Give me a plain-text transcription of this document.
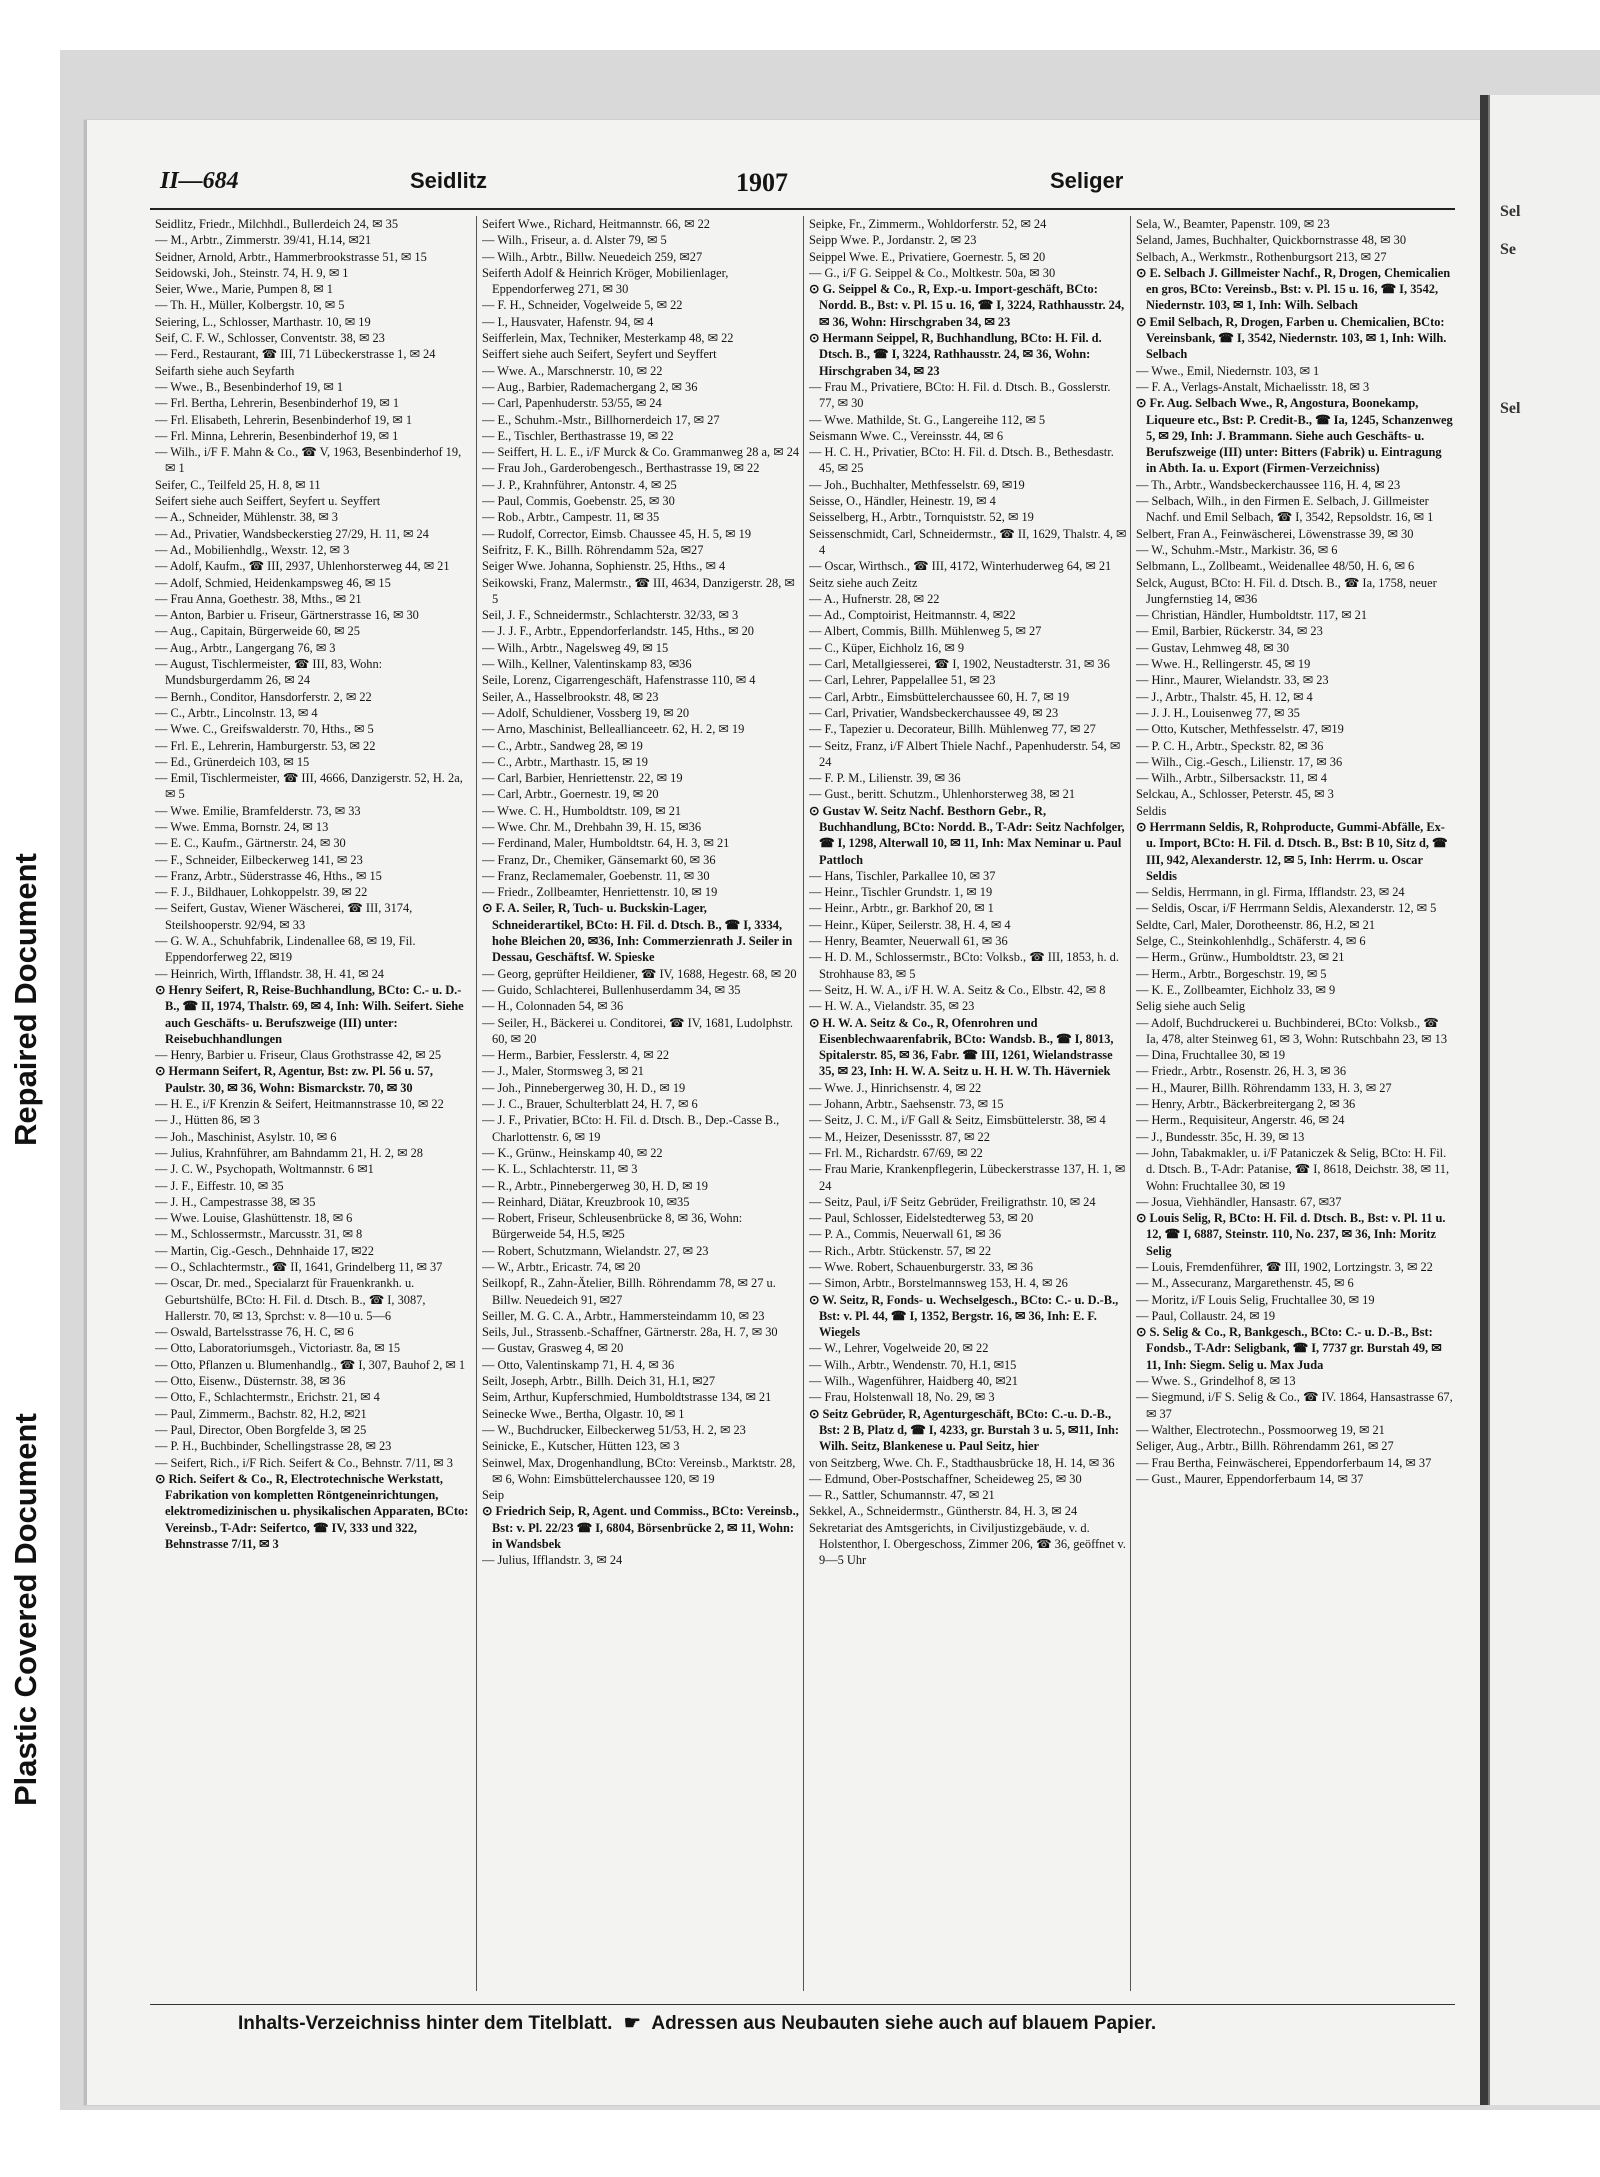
Sel
Se
Sel
Repaired Document
Plastic Covered Document
II—684	Seidlitz	1907	Seliger

Seidlitz, Friedr., Milchhdl., Bullerdeich 24, ✉ 35

— M., Arbtr., Zimmerstr. 39/41, H.14, ✉21

Seidner, Arnold, Arbtr., Hammerbrookstrasse 51, ✉ 15

Seidowski, Joh., Steinstr. 74, H. 9, ✉ 1

Seier, Wwe., Marie, Pumpen 8, ✉ 1

— Th. H., Müller, Kolbergstr. 10, ✉ 5

Seiering, L., Schlosser, Marthastr. 10, ✉ 19

Seif, C. F. W., Schlosser, Conventstr. 38, ✉ 23

— Ferd., Restaurant, ☎ III, 71 Lübeckerstrasse 1, ✉ 24

Seifarth siehe auch Seyfarth

— Wwe., B., Besenbinderhof 19, ✉ 1

— Frl. Bertha, Lehrerin, Besenbinderhof 19, ✉ 1

— Frl. Elisabeth, Lehrerin, Besenbinderhof 19, ✉ 1

— Frl. Minna, Lehrerin, Besenbinderhof 19, ✉ 1

— Wilh., i/F F. Mahn & Co., ☎ V, 1963, Besenbinderhof 19, ✉ 1

Seifer, C., Teilfeld 25, H. 8, ✉ 11

Seifert siehe auch Seiffert, Seyfert u. Seyffert

— A., Schneider, Mühlenstr. 38, ✉ 3

— Ad., Privatier, Wandsbeckerstieg 27/29, H. 11, ✉ 24

— Ad., Mobilienhdlg., Wexstr. 12, ✉ 3

— Adolf, Kaufm., ☎ III, 2937, Uhlenhorsterweg 44, ✉ 21

— Adolf, Schmied, Heidenkampsweg 46, ✉ 15

— Frau Anna, Goethestr. 38, Mths., ✉ 21

— Anton, Barbier u. Friseur, Gärtnerstrasse 16, ✉ 30

— Aug., Capitain, Bürgerweide 60, ✉ 25

— Aug., Arbtr., Langergang 76, ✉ 3

— August, Tischlermeister, ☎ III, 83, Wohn: Mundsburgerdamm 26, ✉ 24

— Bernh., Conditor, Hansdorferstr. 2, ✉ 22

— C., Arbtr., Lincolnstr. 13, ✉ 4

— Wwe. C., Greifswalderstr. 70, Hths., ✉ 5

— Frl. E., Lehrerin, Hamburgerstr. 53, ✉ 22

— Ed., Grünerdeich 103, ✉ 15

— Emil, Tischlermeister, ☎ III, 4666, Danzigerstr. 52, H. 2a, ✉ 5

— Wwe. Emilie, Bramfelderstr. 73, ✉ 33

— Wwe. Emma, Bornstr. 24, ✉ 13

— E. C., Kaufm., Gärtnerstr. 24, ✉ 30

— F., Schneider, Eilbeckerweg 141, ✉ 23

— Franz, Arbtr., Süderstrasse 46, Hths., ✉ 15

— F. J., Bildhauer, Lohkoppelstr. 39, ✉ 22

— Seifert, Gustav, Wiener Wäscherei, ☎ III, 3174, Steilshooperstr. 92/94, ✉ 33

— G. W. A., Schuhfabrik, Lindenallee 68, ✉ 19, Fil. Eppendorferweg 22, ✉19

— Heinrich, Wirth, Ifflandstr. 38, H. 41, ✉ 24

⊙ Henry Seifert, R, Reise-Buchhandlung, BCto: C.- u. D.-B., ☎ II, 1974, Thalstr. 69, ✉ 4, Inh: Wilh. Seifert. Siehe auch Geschäfts- u. Berufszweige (III) unter: Reisebuchhandlungen

— Henry, Barbier u. Friseur, Claus Grothstrasse 42, ✉ 25

⊙ Hermann Seifert, R, Agentur, Bst: zw. Pl. 56 u. 57, Paulstr. 30, ✉ 36, Wohn: Bismarckstr. 70, ✉ 30

— H. E., i/F Krenzin & Seifert, Heitmannstrasse 10, ✉ 22

— J., Hütten 86, ✉ 3

— Joh., Maschinist, Asylstr. 10, ✉ 6

— Julius, Krahnführer, am Bahndamm 21, H. 2, ✉ 28

— J. C. W., Psychopath, Woltmannstr. 6 ✉1

— J. F., Eiffestr. 10, ✉ 35

— J. H., Campestrasse 38, ✉ 35

— Wwe. Louise, Glashüttenstr. 18, ✉ 6

— M., Schlossermstr., Marcusstr. 31, ✉ 8

— Martin, Cig.-Gesch., Dehnhaide 17, ✉22

— O., Schlachtermstr., ☎ II, 1641, Grindelberg 11, ✉ 37

— Oscar, Dr. med., Specialarzt für Frauenkrankh. u. Geburtshülfe, BCto: H. Fil. d. Dtsch. B., ☎ I, 3087, Hallerstr. 70, ✉ 13, Sprchst: v. 8—10 u. 5—6

— Oswald, Bartelsstrasse 76, H. C, ✉ 6

— Otto, Laboratoriumsgeh., Victoriastr. 8a, ✉ 15

— Otto, Pflanzen u. Blumenhandlg., ☎ I, 307, Bauhof 2, ✉ 1

— Otto, Eisenw., Düsternstr. 38, ✉ 36

— Otto, F., Schlachtermstr., Erichstr. 21, ✉ 4

— Paul, Zimmerm., Bachstr. 82, H.2, ✉21

— Paul, Director, Oben Borgfelde 3, ✉ 25

— P. H., Buchbinder, Schellingstrasse 28, ✉ 23

— Seifert, Rich., i/F Rich. Seifert & Co., Behnstr. 7/11, ✉ 3

⊙ Rich. Seifert & Co., R, Electrotechnische Werkstatt, Fabrikation von kompletten Röntgeneinrichtungen, elektromedizinischen u. physikalischen Apparaten, BCto: Vereinsb., T-Adr: Seifertco, ☎ IV, 333 und 322, Behnstrasse 7/11, ✉ 3

Seifert Wwe., Richard, Heitmannstr. 66, ✉ 22

— Wilh., Friseur, a. d. Alster 79, ✉ 5

— Wilh., Arbtr., Billw. Neuedeich 259, ✉27

Seiferth Adolf & Heinrich Kröger, Mobilienlager, Eppendorferweg 271, ✉ 30

— F. H., Schneider, Vogelweide 5, ✉ 22

— I., Hausvater, Hafenstr. 94, ✉ 4

Seifferlein, Max, Techniker, Mesterkamp 48, ✉ 22

Seiffert siehe auch Seifert, Seyfert und Seyffert

— Wwe. A., Marschnerstr. 10, ✉ 22

— Aug., Barbier, Rademachergang 2, ✉ 36

— Carl, Papenhuderstr. 53/55, ✉ 24

— E., Schuhm.-Mstr., Billhornerdeich 17, ✉ 27

— E., Tischler, Berthastrasse 19, ✉ 22

— Seiffert, H. L. E., i/F Murck & Co. Grammanweg 28 a, ✉ 24

— Frau Joh., Garderobengesch., Berthastrasse 19, ✉ 22

— J. P., Krahnführer, Antonstr. 4, ✉ 25

— Paul, Commis, Goebenstr. 25, ✉ 30

— Rob., Arbtr., Campestr. 11, ✉ 35

— Rudolf, Corrector, Eimsb. Chaussee 45, H. 5, ✉ 19

Seifritz, F. K., Billh. Röhrendamm 52a, ✉27

Seiger Wwe. Johanna, Sophienstr. 25, Hths., ✉ 4

Seikowski, Franz, Malermstr., ☎ III, 4634, Danzigerstr. 28, ✉ 5

Seil, J. F., Schneidermstr., Schlachterstr. 32/33, ✉ 3

— J. J. F., Arbtr., Eppendorferlandstr. 145, Hths., ✉ 20

— Wilh., Arbtr., Nagelsweg 49, ✉ 15

— Wilh., Kellner, Valentinskamp 83, ✉36

Seile, Lorenz, Cigarrengeschäft, Hafenstrasse 110, ✉ 4

Seiler, A., Hasselbrookstr. 48, ✉ 23

— Adolf, Schuldiener, Vossberg 19, ✉ 20

— Arno, Maschinist, Belleallianceetr. 62, H. 2, ✉ 19

— C., Arbtr., Sandweg 28, ✉ 19

— C., Arbtr., Marthastr. 15, ✉ 19

— Carl, Barbier, Henriettenstr. 22, ✉ 19

— Carl, Arbtr., Goernestr. 19, ✉ 20

— Wwe. C. H., Humboldtstr. 109, ✉ 21

— Wwe. Chr. M., Drehbahn 39, H. 15, ✉36

— Ferdinand, Maler, Humboldtstr. 64, H. 3, ✉ 21

— Franz, Dr., Chemiker, Gänsemarkt 60, ✉ 36

— Franz, Reclamemaler, Goebenstr. 11, ✉ 30

— Friedr., Zollbeamter, Henriettenstr. 10, ✉ 19

⊙ F. A. Seiler, R, Tuch- u. Buckskin-Lager, Schneiderartikel, BCto: H. Fil. d. Dtsch. B., ☎ I, 3334, hohe Bleichen 20, ✉36, Inh: Commerzienrath J. Seiler in Dessau, Geschäftsf. W. Spieske

— Georg, geprüfter Heildiener, ☎ IV, 1688, Hegestr. 68, ✉ 20

— Guido, Schlachterei, Bullenhuserdamm 34, ✉ 35

— H., Colonnaden 54, ✉ 36

— Seiler, H., Bäckerei u. Conditorei, ☎ IV, 1681, Ludolphstr. 60, ✉ 20

— Herm., Barbier, Fesslerstr. 4, ✉ 22

— J., Maler, Stormsweg 3, ✉ 21

— Joh., Pinnebergerweg 30, H. D., ✉ 19

— J. C., Brauer, Schulterblatt 24, H. 7, ✉ 6

— J. F., Privatier, BCto: H. Fil. d. Dtsch. B., Dep.-Casse B., Charlottenstr. 6, ✉ 19

— K., Grünw., Heinskamp 40, ✉ 22

— K. L., Schlachterstr. 11, ✉ 3

— R., Arbtr., Pinnebergerweg 30, H. D, ✉ 19

— Reinhard, Diätar, Kreuzbrook 10, ✉35

— Robert, Friseur, Schleusenbrücke 8, ✉ 36, Wohn: Bürgerweide 54, H.5, ✉25

— Robert, Schutzmann, Wielandstr. 27, ✉ 23

— W., Arbtr., Ericastr. 74, ✉ 20

Seilkopf, R., Zahn-Ätelier, Billh. Röhrendamm 78, ✉ 27 u. Billw. Neuedeich 91, ✉27

Seiller, M. G. C. A., Arbtr., Hammersteindamm 10, ✉ 23

Seils, Jul., Strassenb.-Schaffner, Gärtnerstr. 28a, H. 7, ✉ 30

— Gustav, Grasweg 4, ✉ 20

— Otto, Valentinskamp 71, H. 4, ✉ 36

Seilt, Joseph, Arbtr., Billh. Deich 31, H.1, ✉27

Seim, Arthur, Kupferschmied, Humboldtstrasse 134, ✉ 21

Seinecke Wwe., Bertha, Olgastr. 10, ✉ 1

— W., Buchdrucker, Eilbeckerweg 51/53, H. 2, ✉ 23

Seinicke, E., Kutscher, Hütten 123, ✉ 3

Seinwel, Max, Drogenhandlung, BCto: Vereinsb., Marktstr. 28, ✉ 6, Wohn: Eimsbüttelerchaussee 120, ✉ 19

Seip

⊙ Friedrich Seip, R, Agent. und Commiss., BCto: Vereinsb., Bst: v. Pl. 22/23 ☎ I, 6804, Börsenbrücke 2, ✉ 11, Wohn: in Wandsbek

— Julius, Ifflandstr. 3, ✉ 24

Seipke, Fr., Zimmerm., Wohldorferstr. 52, ✉ 24

Seipp Wwe. P., Jordanstr. 2, ✉ 23

Seippel Wwe. E., Privatiere, Goernestr. 5, ✉ 20

— G., i/F G. Seippel & Co., Moltkestr. 50a, ✉ 30

⊙ G. Seippel & Co., R, Exp.-u. Import-geschäft, BCto: Nordd. B., Bst: v. Pl. 15 u. 16, ☎ I, 3224, Rathhausstr. 24, ✉ 36, Wohn: Hirschgraben 34, ✉ 23

⊙ Hermann Seippel, R, Buchhandlung, BCto: H. Fil. d. Dtsch. B., ☎ I, 3224, Rathhausstr. 24, ✉ 36, Wohn: Hirschgraben 34, ✉ 23

— Frau M., Privatiere, BCto: H. Fil. d. Dtsch. B., Gosslerstr. 77, ✉ 30

— Wwe. Mathilde, St. G., Langereihe 112, ✉ 5

Seismann Wwe. C., Vereinsstr. 44, ✉ 6

— H. C. H., Privatier, BCto: H. Fil. d. Dtsch. B., Bethesdastr. 45, ✉ 25

— Joh., Buchhalter, Methfesselstr. 69, ✉19

Seisse, O., Händler, Heinestr. 19, ✉ 4

Seisselberg, H., Arbtr., Tornquiststr. 52, ✉ 19

Seissenschmidt, Carl, Schneidermstr., ☎ II, 1629, Thalstr. 4, ✉ 4

— Oscar, Wirthsch., ☎ III, 4172, Winterhuderweg 64, ✉ 21

Seitz siehe auch Zeitz

— A., Hufnerstr. 28, ✉ 22

— Ad., Comptoirist, Heitmannstr. 4, ✉22

— Albert, Commis, Billh. Mühlenweg 5, ✉ 27

— C., Küper, Eichholz 16, ✉ 9

— Carl, Metallgiesserei, ☎ I, 1902, Neustadterstr. 31, ✉ 36

— Carl, Lehrer, Pappelallee 51, ✉ 23

— Carl, Arbtr., Eimsbüttelerchaussee 60, H. 7, ✉ 19

— Carl, Privatier, Wandsbeckerchaussee 49, ✉ 23

— F., Tapezier u. Decorateur, Billh. Mühlenweg 77, ✉ 27

— Seitz, Franz, i/F Albert Thiele Nachf., Papenhuderstr. 54, ✉ 24

— F. P. M., Lilienstr. 39, ✉ 36

— Gust., beritt. Schutzm., Uhlenhorsterweg 38, ✉ 21

⊙ Gustav W. Seitz Nachf. Besthorn Gebr., R, Buchhandlung, BCto: Nordd. B., T-Adr: Seitz Nachfolger, ☎ I, 1298, Alterwall 10, ✉ 11, Inh: Max Neminar u. Paul Pattloch

— Hans, Tischler, Parkallee 10, ✉ 37

— Heinr., Tischler Grundstr. 1, ✉ 19

— Heinr., Arbtr., gr. Barkhof 20, ✉ 1

— Heinr., Küper, Seilerstr. 38, H. 4, ✉ 4

— Henry, Beamter, Neuerwall 61, ✉ 36

— H. D. M., Schlossermstr., BCto: Volksb., ☎ III, 1853, h. d. Strohhause 83, ✉ 5

— Seitz, H. W. A., i/F H. W. A. Seitz & Co., Elbstr. 42, ✉ 8

— H. W. A., Vielandstr. 35, ✉ 23

⊙ H. W. A. Seitz & Co., R, Ofenrohren und Eisenblechwaarenfabrik, BCto: Wandsb. B., ☎ I, 8013, Spitalerstr. 85, ✉ 36, Fabr. ☎ III, 1261, Wielandstrasse 35, ✉ 23, Inh: H. W. A. Seitz u. H. H. W. Th. Häverniek

— Wwe. J., Hinrichsenstr. 4, ✉ 22

— Johann, Arbtr., Saehsenstr. 73, ✉ 15

— Seitz, J. C. M., i/F Gall & Seitz, Eimsbüttelerstr. 38, ✉ 4

— M., Heizer, Desenissstr. 87, ✉ 22

— Frl. M., Richardstr. 67/69, ✉ 22

— Frau Marie, Krankenpflegerin, Lübeckerstrasse 137, H. 1, ✉ 24

— Seitz, Paul, i/F Seitz Gebrüder, Freiligrathstr. 10, ✉ 24

— Paul, Schlosser, Eidelstedterweg 53, ✉ 20

— P. A., Commis, Neuerwall 61, ✉ 36

— Rich., Arbtr. Stückenstr. 57, ✉ 22

— Wwe. Robert, Schauenburgerstr. 33, ✉ 36

— Simon, Arbtr., Borstelmannsweg 153, H. 4, ✉ 26

⊙ W. Seitz, R, Fonds- u. Wechselgesch., BCto: C.- u. D.-B., Bst: v. Pl. 44, ☎ I, 1352, Bergstr. 16, ✉ 36, Inh: E. F. Wiegels

— W., Lehrer, Vogelweide 20, ✉ 22

— Wilh., Arbtr., Wendenstr. 70, H.1, ✉15

— Wilh., Wagenführer, Haidberg 40, ✉21

— Frau, Holstenwall 18, No. 29, ✉ 3

⊙ Seitz Gebrüder, R, Agenturgeschäft, BCto: C.-u. D.-B., Bst: 2 B, Platz d, ☎ I, 4233, gr. Burstah 3 u. 5, ✉11, Inh: Wilh. Seitz, Blankenese u. Paul Seitz, hier

von Seitzberg, Wwe. Ch. F., Stadthausbrücke 18, H. 14, ✉ 36

— Edmund, Ober-Postschaffner, Scheideweg 25, ✉ 30

— R., Sattler, Schumannstr. 47, ✉ 21

Sekkel, A., Schneidermstr., Güntherstr. 84, H. 3, ✉ 24

Sekretariat des Amtsgerichts, in Civiljustizgebäude, v. d. Holstenthor, I. Obergeschoss, Zimmer 206, ☎ 36, geöffnet v. 9—5 Uhr

Sela, W., Beamter, Papenstr. 109, ✉ 23

Seland, James, Buchhalter, Quickbornstrasse 48, ✉ 30

Selbach, A., Werkmstr., Rothenburgsort 213, ✉ 27

⊙ E. Selbach J. Gillmeister Nachf., R, Drogen, Chemicalien en gros, BCto: Vereinsb., Bst: v. Pl. 15 u. 16, ☎ I, 3542, Niedernstr. 103, ✉ 1, Inh: Wilh. Selbach

⊙ Emil Selbach, R, Drogen, Farben u. Chemicalien, BCto: Vereinsbank, ☎ I, 3542, Niedernstr. 103, ✉ 1, Inh: Wilh. Selbach

— Wwe., Emil, Niedernstr. 103, ✉ 1

— F. A., Verlags-Anstalt, Michaelisstr. 18, ✉ 3

⊙ Fr. Aug. Selbach Wwe., R, Angostura, Boonekamp, Liqueure etc., Bst: P. Credit-B., ☎ Ia, 1245, Schanzenweg 5, ✉ 29, Inh: J. Brammann. Siehe auch Geschäfts- u. Berufszweige (III) unter: Bitters (Fabrik) u. Eintragung in Abth. Ia. u. Export (Firmen-Verzeichniss)

— Th., Arbtr., Wandsbeckerchaussee 116, H. 4, ✉ 23

— Selbach, Wilh., in den Firmen E. Selbach, J. Gillmeister Nachf. und Emil Selbach, ☎ I, 3542, Repsoldstr. 16, ✉ 1

Selbert, Fran A., Feinwäscherei, Löwenstrasse 39, ✉ 30

— W., Schuhm.-Mstr., Markistr. 36, ✉ 6

Selbmann, L., Zollbeamt., Weidenallee 48/50, H. 6, ✉ 6

Selck, August, BCto: H. Fil. d. Dtsch. B., ☎ Ia, 1758, neuer Jungfernstieg 14, ✉36

— Christian, Händler, Humboldtstr. 117, ✉ 21

— Emil, Barbier, Rückerstr. 34, ✉ 23

— Gustav, Lehmweg 48, ✉ 30

— Wwe. H., Rellingerstr. 45, ✉ 19

— Hinr., Maurer, Wielandstr. 33, ✉ 23

— J., Arbtr., Thalstr. 45, H. 12, ✉ 4

— J. J. H., Louisenweg 77, ✉ 35

— Otto, Kutscher, Methfesselstr. 47, ✉19

— P. C. H., Arbtr., Speckstr. 82, ✉ 36

— Wilh., Cig.-Gesch., Lilienstr. 17, ✉ 36

— Wilh., Arbtr., Silbersackstr. 11, ✉ 4

Selckau, A., Schlosser, Peterstr. 45, ✉ 3

Seldis

⊙ Herrmann Seldis, R, Rohproducte, Gummi-Abfälle, Ex- u. Import, BCto: H. Fil. d. Dtsch. B., Bst: B 10, Sitz d, ☎ III, 942, Alexanderstr. 12, ✉ 5, Inh: Herrm. u. Oscar Seldis

— Seldis, Herrmann, in gl. Firma, Ifflandstr. 23, ✉ 24

— Seldis, Oscar, i/F Herrmann Seldis, Alexanderstr. 12, ✉ 5

Seldte, Carl, Maler, Dorotheenstr. 86, H.2, ✉ 21

Selge, C., Steinkohlenhdlg., Schäferstr. 4, ✉ 6

— Herm., Grünw., Humboldtstr. 23, ✉ 21

— Herm., Arbtr., Borgeschstr. 19, ✉ 5

— K. E., Zollbeamter, Eichholz 33, ✉ 9

Selig siehe auch Selig

— Adolf, Buchdruckerei u. Buchbinderei, BCto: Volksb., ☎ Ia, 478, alter Steinweg 61, ✉ 3, Wohn: Rutschbahn 23, ✉ 13

— Dina, Fruchtallee 30, ✉ 19

— Friedr., Arbtr., Rosenstr. 26, H. 3, ✉ 36

— H., Maurer, Billh. Röhrendamm 133, H. 3, ✉ 27

— Henry, Arbtr., Bäckerbreitergang 2, ✉ 36

— Herm., Requisiteur, Angerstr. 46, ✉ 24

— J., Bundesstr. 35c, H. 39, ✉ 13

— John, Tabakmakler, u. i/F Pataniczek & Selig, BCto: H. Fil. d. Dtsch. B., T-Adr: Patanise, ☎ I, 8618, Deichstr. 38, ✉ 11, Wohn: Fruchtallee 30, ✉ 19

— Josua, Viehhändler, Hansastr. 67, ✉37

⊙ Louis Selig, R, BCto: H. Fil. d. Dtsch. B., Bst: v. Pl. 11 u. 12, ☎ I, 6887, Steinstr. 110, No. 237, ✉ 36, Inh: Moritz Selig

— Louis, Fremdenführer, ☎ III, 1902, Lortzingstr. 3, ✉ 22

— M., Assecuranz, Margarethenstr. 45, ✉ 6

— Moritz, i/F Louis Selig, Fruchtallee 30, ✉ 19

— Paul, Collaustr. 24, ✉ 19

⊙ S. Selig & Co., R, Bankgesch., BCto: C.- u. D.-B., Bst: Fondsb., T-Adr: Seligbank, ☎ I, 7737 gr. Burstah 49, ✉ 11, Inh: Siegm. Selig u. Max Juda

— Wwe. S., Grindelhof 8, ✉ 13

— Siegmund, i/F S. Selig & Co., ☎ IV. 1864, Hansastrasse 67, ✉ 37

— Walther, Electrotechn., Possmoorweg 19, ✉ 21

Seliger, Aug., Arbtr., Billh. Röhrendamm 261, ✉ 27

— Frau Bertha, Feinwäscherei, Eppendorferbaum 14, ✉ 37

— Gust., Maurer, Eppendorferbaum 14, ✉ 37

Inhalts-Verzeichniss hinter dem Titelblatt. ☛ Adressen aus Neubauten siehe auch auf blauem Papier.
